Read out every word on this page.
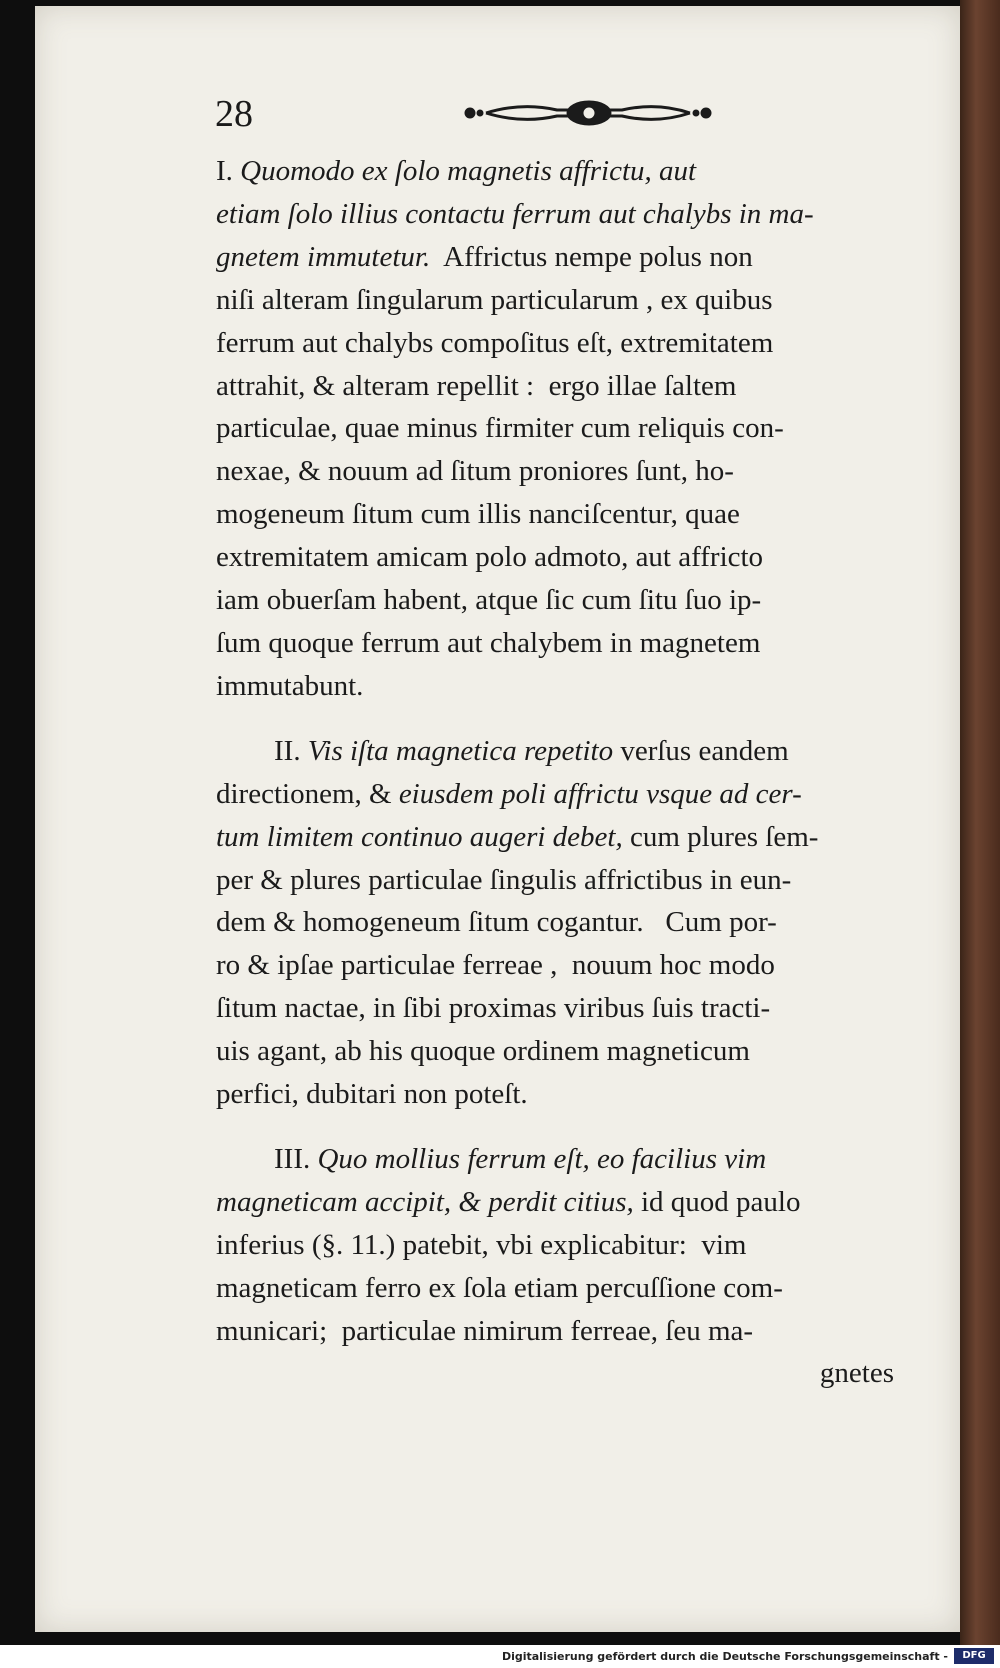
28
I. Quomodo ex ſolo magnetis affrictu, aut
etiam ſolo illius contactu ferrum aut chalybs in ma-
gnetem immutetur.  Affrictus nempe polus non
niſi alteram ſingularum particularum , ex quibus
ferrum aut chalybs compoſitus eſt, extremitatem
attrahit, & alteram repellit :  ergo illae ſaltem
particulae, quae minus firmiter cum reliquis con-
nexae, & nouum ad ſitum proniores ſunt, ho-
mogeneum ſitum cum illis nanciſcentur, quae
extremitatem amicam polo admoto, aut affricto
iam obuerſam habent, atque ſic cum ſitu ſuo ip-
ſum quoque ferrum aut chalybem in magnetem
immutabunt.
II. Vis iſta magnetica repetito verſus eandem
directionem, & eiusdem poli affrictu vsque ad cer-
tum limitem continuo augeri debet, cum plures ſem-
per & plures particulae ſingulis affrictibus in eun-
dem & homogeneum ſitum cogantur.   Cum por-
ro & ipſae particulae ferreae ,  nouum hoc modo
ſitum nactae, in ſibi proximas viribus ſuis tracti-
uis agant, ab his quoque ordinem magneticum
perfici, dubitari non poteſt.
III. Quo mollius ferrum eſt, eo facilius vim
magneticam accipit, & perdit citius, id quod paulo
inferius (§. 11.) patebit, vbi explicabitur:  vim
magneticam ferro ex ſola etiam percuſſione com-
municari;  particulae nimirum ferreae, ſeu ma-
gnetes
Digitalisierung gefördert durch die Deutsche Forschungsgemeinschaft -	DFG
